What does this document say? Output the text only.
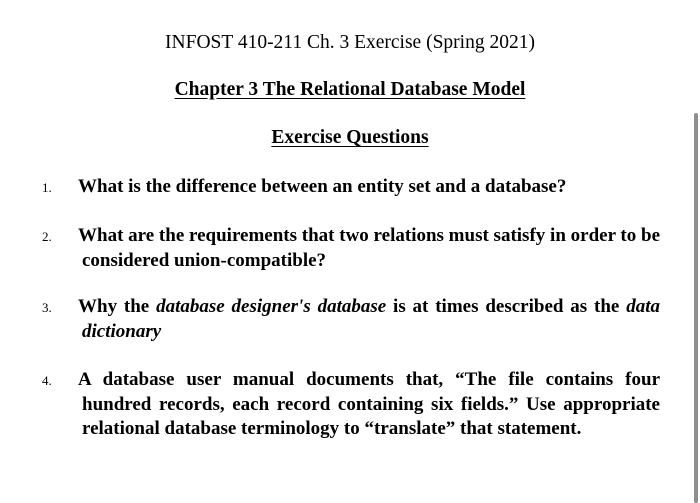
INFOST 410-211 Ch. 3 Exercise (Spring 2021)
Chapter 3 The Relational Database Model
Exercise Questions
1. What is the difference between an entity set and a database?
2. What are the requirements that two relations must satisfy in order to be considered union-compatible?
3. Why the database designer's database is at times described as the data dictionary
4. A database user manual documents that, “The file contains four hundred records, each record containing six fields.” Use appropriate relational database terminology to “translate” that statement.
